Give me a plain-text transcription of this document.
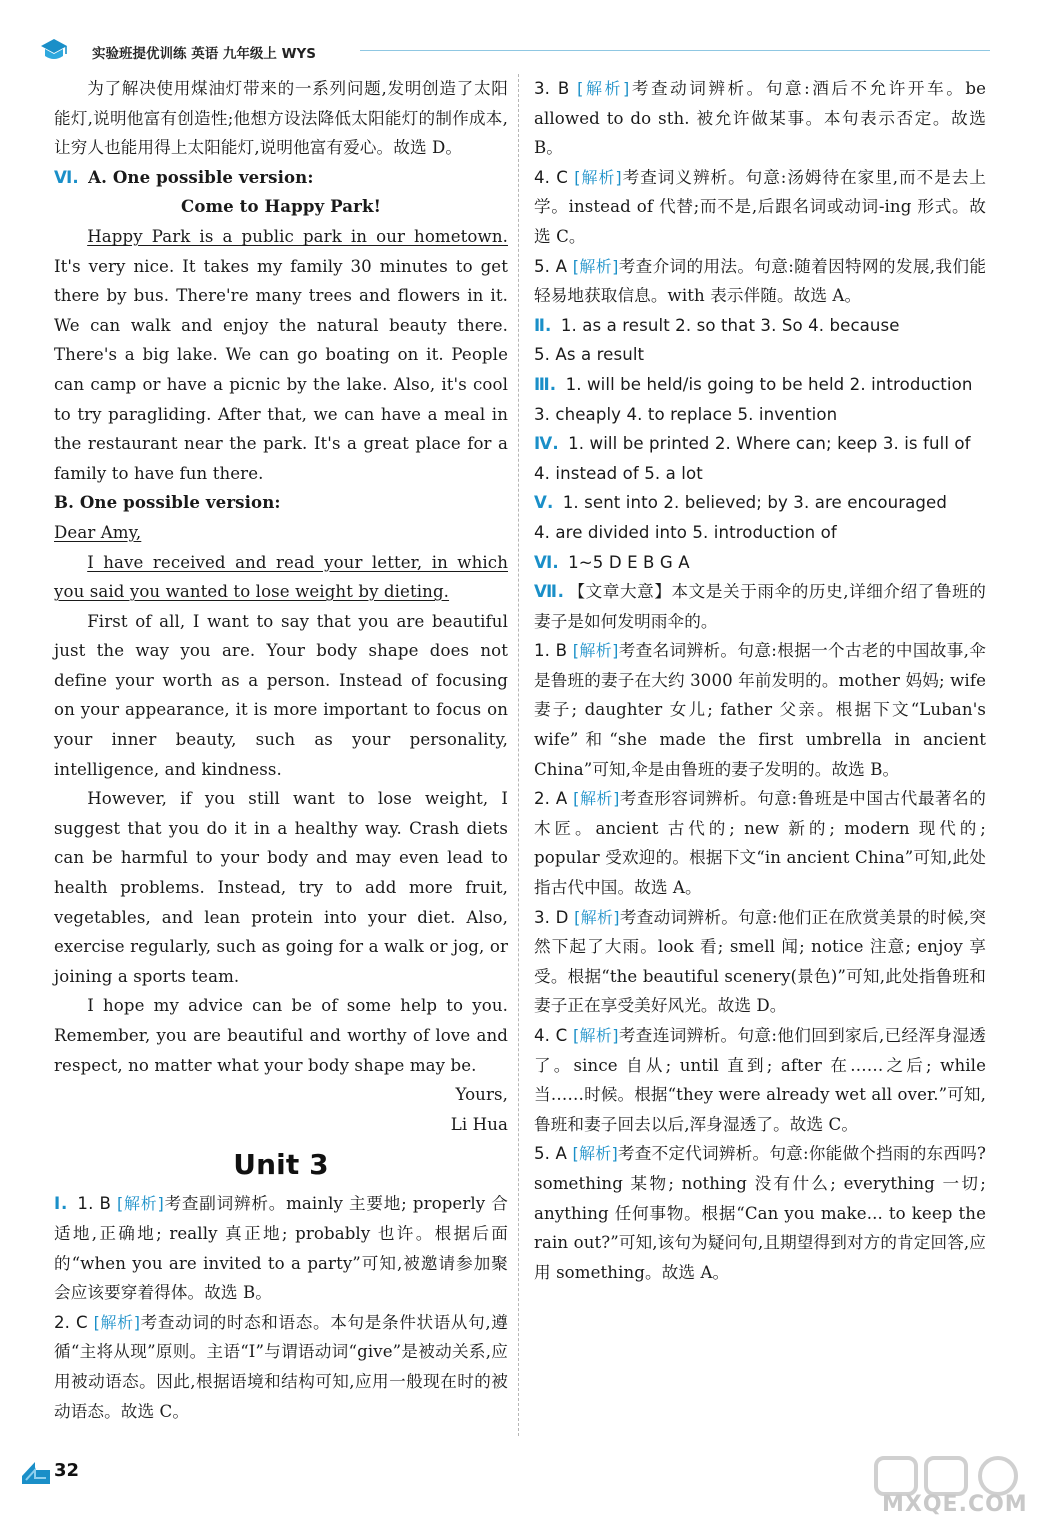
实验班提优训练 英语 九年级上 WYS

为了解决使用煤油灯带来的一系列问题,发明创造了太阳能灯,说明他富有创造性;他想方设法降低太阳能灯的制作成本,让穷人也能用得上太阳能灯,说明他富有爱心。故选 D。

Ⅵ. A. One possible version:

Come to Happy Park!

Happy Park is a public park in our hometown. It's very nice. It takes my family 30 minutes to get there by bus. There're many trees and flowers in it. We can walk and enjoy the natural beauty there. There's a big lake. We can go boating on it. People can camp or have a picnic by the lake. Also, it's cool to try paragliding. After that, we can have a meal in the restaurant near the park. It's a great place for a family to have fun there.

B. One possible version:

Dear Amy,

I have received and read your letter, in which you said you wanted to lose weight by dieting.

First of all, I want to say that you are beautiful just the way you are. Your body shape does not define your worth as a person. Instead of focusing on your appearance, it is more important to focus on your inner beauty, such as your personality, intelligence, and kindness.

However, if you still want to lose weight, I suggest that you do it in a healthy way. Crash diets can be harmful to your body and may even lead to health problems. Instead, try to add more fruit, vegetables, and lean protein into your diet. Also, exercise regularly, such as going for a walk or jog, or joining a sports team.

I hope my advice can be of some help to you. Remember, you are beautiful and worthy of love and respect, no matter what your body shape may be.

Yours,

Li Hua

Unit 3

Ⅰ. 1. B [解析]考查副词辨析。mainly 主要地; properly 合适地,正确地; really 真正地; probably 也许。根据后面的“when you are invited to a party”可知,被邀请参加聚会应该要穿着得体。故选 B。

2. C [解析]考查动词的时态和语态。本句是条件状语从句,遵循“主将从现”原则。主语“I”与谓语动词“give”是被动关系,应用被动语态。因此,根据语境和结构可知,应用一般现在时的被动语态。故选 C。

3. B [解析]考查动词辨析。句意:酒后不允许开车。be allowed to do sth. 被允许做某事。本句表示否定。故选 B。

4. C [解析]考查词义辨析。句意:汤姆待在家里,而不是去上学。instead of 代替;而不是,后跟名词或动词-ing 形式。故选 C。

5. A [解析]考查介词的用法。句意:随着因特网的发展,我们能轻易地获取信息。with 表示伴随。故选 A。

Ⅱ. 1. as a result 2. so that 3. So 4. because

5. As a result

Ⅲ. 1. will be held/is going to be held 2. introduction

3. cheaply 4. to replace 5. invention

Ⅳ. 1. will be printed 2. Where can; keep 3. is full of

4. instead of 5. a lot

Ⅴ. 1. sent into 2. believed; by 3. are encouraged

4. are divided into 5. introduction of

Ⅵ. 1~5 D E B G A

Ⅶ. 【文章大意】本文是关于雨伞的历史,详细介绍了鲁班的妻子是如何发明雨伞的。

1. B [解析]考查名词辨析。句意:根据一个古老的中国故事,伞是鲁班的妻子在大约 3000 年前发明的。mother 妈妈; wife 妻子; daughter 女儿; father 父亲。根据下文“Luban's wife”和“she made the first umbrella in ancient China”可知,伞是由鲁班的妻子发明的。故选 B。

2. A [解析]考查形容词辨析。句意:鲁班是中国古代最著名的木匠。ancient 古代的; new 新的; modern 现代的; popular 受欢迎的。根据下文“in ancient China”可知,此处指古代中国。故选 A。

3. D [解析]考查动词辨析。句意:他们正在欣赏美景的时候,突然下起了大雨。look 看; smell 闻; notice 注意; enjoy 享受。根据“the beautiful scenery(景色)”可知,此处指鲁班和妻子正在享受美好风光。故选 D。

4. C [解析]考查连词辨析。句意:他们回到家后,已经浑身湿透了。since 自从; until 直到; after 在……之后; while 当……时候。根据“they were already wet all over.”可知,鲁班和妻子回去以后,浑身湿透了。故选 C。

5. A [解析]考查不定代词辨析。句意:你能做个挡雨的东西吗? something 某物; nothing 没有什么; everything 一切; anything 任何事物。根据“Can you make... to keep the rain out?”可知,该句为疑问句,且期望得到对方的肯定回答,应用 something。故选 A。

32
MXQE.COM
